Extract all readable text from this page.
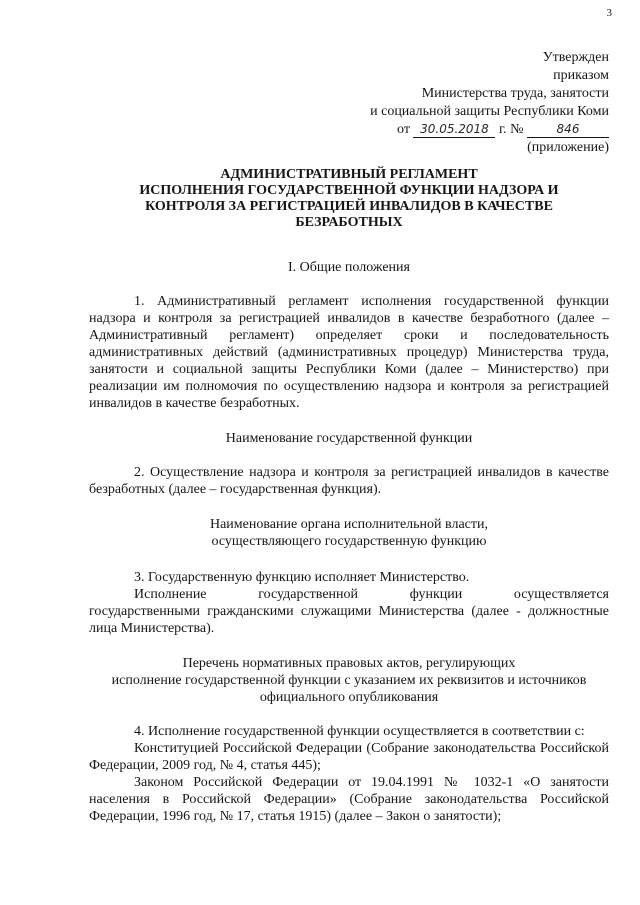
3
Утвержден
приказом
Министерства труда, занятости
и социальной защиты Республики Коми
от 30.05.2018 г. №	846
(приложение)
АДМИНИСТРАТИВНЫЙ РЕГЛАМЕНТ
ИСПОЛНЕНИЯ ГОСУДАРСТВЕННОЙ ФУНКЦИИ НАДЗОРА И
КОНТРОЛЯ ЗА РЕГИСТРАЦИЕЙ ИНВАЛИДОВ В КАЧЕСТВЕ
БЕЗРАБОТНЫХ
I. Общие положения
1. Административный регламент исполнения государственной функции надзора и контроля за регистрацией инвалидов в качестве безработного (далее – Административный регламент) определяет сроки и последовательность административных действий (административных процедур) Министерства труда, занятости и социальной защиты Республики Коми (далее – Министерство) при реализации им полномочия по осуществлению надзора и контроля за регистрацией инвалидов в качестве безработных.
Наименование государственной функции
2. Осуществление надзора и контроля за регистрацией инвалидов в качестве безработных (далее – государственная функция).
Наименование органа исполнительной власти,
осуществляющего государственную функцию
3. Государственную функцию исполняет Министерство.
Исполнение государственной функции осуществляется
государственными гражданскими служащими Министерства (далее - должностные лица Министерства).
Перечень нормативных правовых актов, регулирующих
исполнение государственной функции с указанием их реквизитов и источников
официального опубликования
4. Исполнение государственной функции осуществляется в соответствии с:
Конституцией Российской Федерации (Собрание законодательства Российской Федерации, 2009 год, № 4, статья 445);
Законом Российской Федерации от 19.04.1991 № 1032-1 «О занятости населения в Российской Федерации» (Собрание законодательства Российской Федерации, 1996 год, № 17, статья 1915) (далее – Закон о занятости);
